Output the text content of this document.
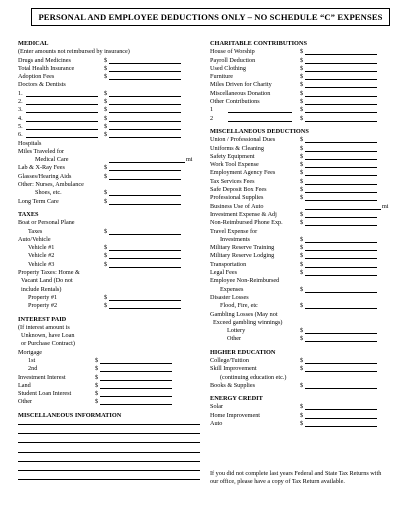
PERSONAL AND EMPLOYEE DEDUCTIONS ONLY – NO SCHEDULE “C” EXPENSES
MEDICAL
(Enter amounts not reimbursed by insurance)
Drugs and Medicines	$
Total Health Insurance	$
Adoption Fees	$
Doctors & Dentists
1.	$
2.	$
3.	$
4.	$
5.	$
6.	$
Hospitals
Miles Traveled for
Medical Care	mi
Lab & X-Ray Fees	$
Glasses/Hearing Aids	$
Other: Nurses, Ambulance
Shoes, etc.	$
Long Term Care	$
TAXES
Boat or Personal Plane
Taxes	$
Auto/Vehicle
Vehicle #1	$
Vehicle #2	$
Vehicle #3	$
Property Taxes: Home &
Vacant Land (Do not
include Rentals)
Property #1	$
Property #2	$
INTEREST PAID
(If interest amount is
Unknown, have Loan
or Purchase Contract)
Mortgage
1st	$
2nd	$
Investment Interest	$
Land	$
Student Loan Interest	$
Other	$
MISCELLANEOUS INFORMATION
CHARITABLE CONTRIBUTIONS
House of Worship	$
Payroll Deduction	$
Used Clothing	$
Furniture	$
Miles Driven for Charity	$
Miscellaneous Donation	$
Other Contributions	$
1	$
2	$
MISCELLANEOUS DEDUCTIONS
Union / Professional Dues	$
Uniforms & Cleaning	$
Safety Equipment	$
Work Tool Expense	$
Employment Agency Fees	$
Tax Services Fees	$
Safe Deposit Box Fees	$
Professional Supplies	$
Business Use of Auto	mi
Investment Expense & Adj	$
Non-Reimbursed Phone Exp.	$
Travel Expense for
Investments	$
Military Reserve Training	$
Military Reserve Lodging	$
Transportation	$
Legal Fees	$
Employee Non-Reimbursed
Expenses	$
Disaster Losses
Flood, Fire, etc	$
Gambling Losses (May not
Exceed gambling winnings)
Lottery	$
Other	$
HIGHER EDUCATION
College/Tuition	$
Skill Improvement	$
(continuing education etc.)
Books & Supplies	$
ENERGY CREDIT
Solar	$
Home Improvement	$
Auto	$
If you did not complete last years Federal and State Tax Returns with our office, please have a copy of Tax Return available.
